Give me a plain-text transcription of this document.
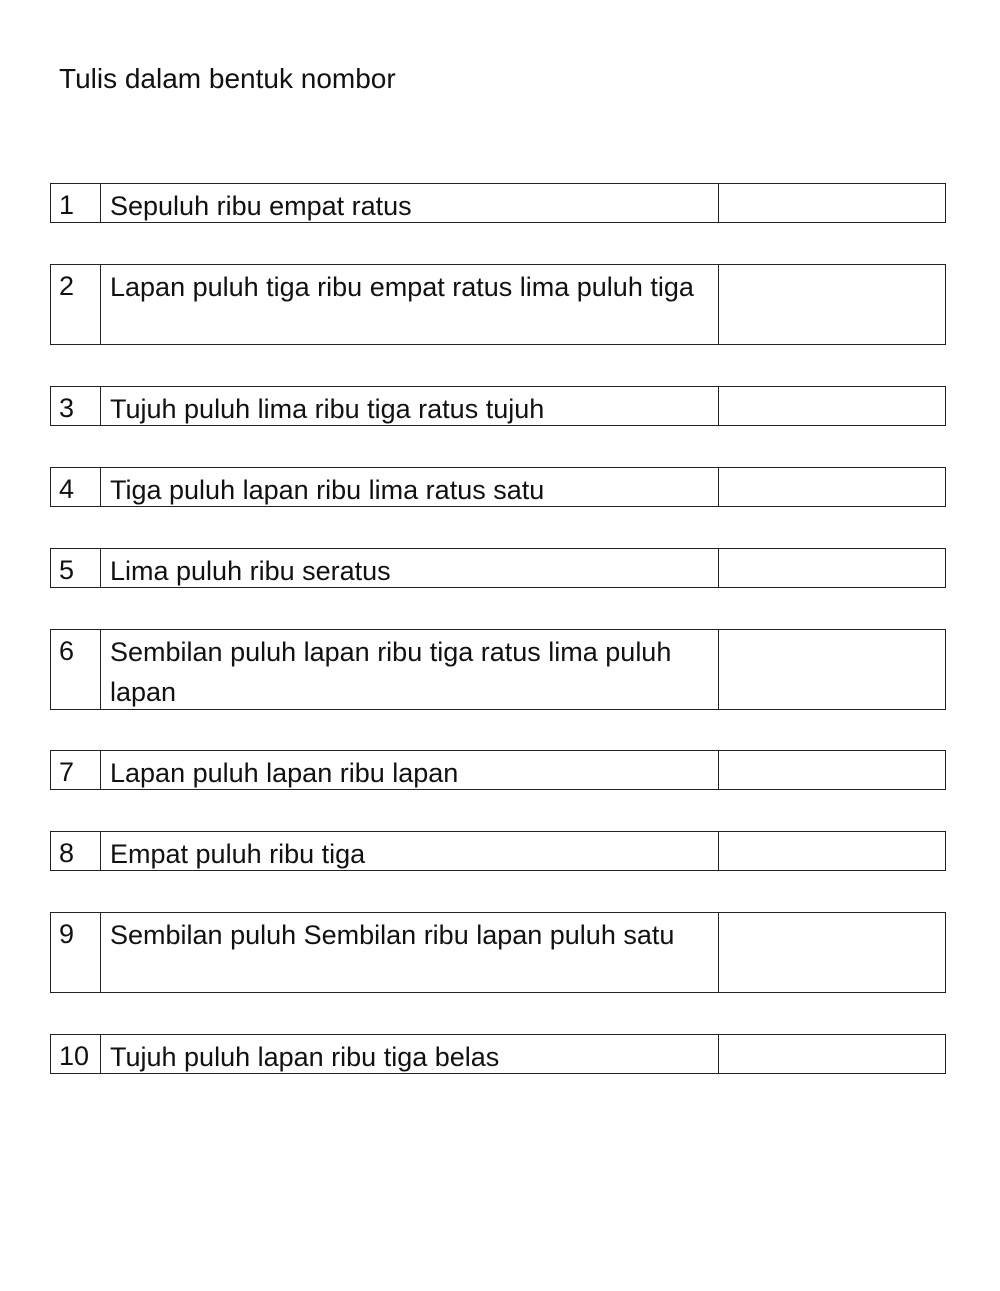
Tulis dalam bentuk nombor
1	Sepuluh ribu empat ratus
2	Lapan puluh tiga ribu empat ratus lima puluh tiga
3	Tujuh puluh lima ribu tiga ratus tujuh
4	Tiga puluh lapan ribu lima ratus satu
5	Lima puluh ribu seratus
6	Sembilan puluh lapan ribu tiga ratus lima puluh lapan
7	Lapan puluh lapan ribu lapan
8	Empat puluh ribu tiga
9	Sembilan puluh Sembilan ribu lapan puluh satu
10 Tujuh puluh lapan ribu tiga belas
